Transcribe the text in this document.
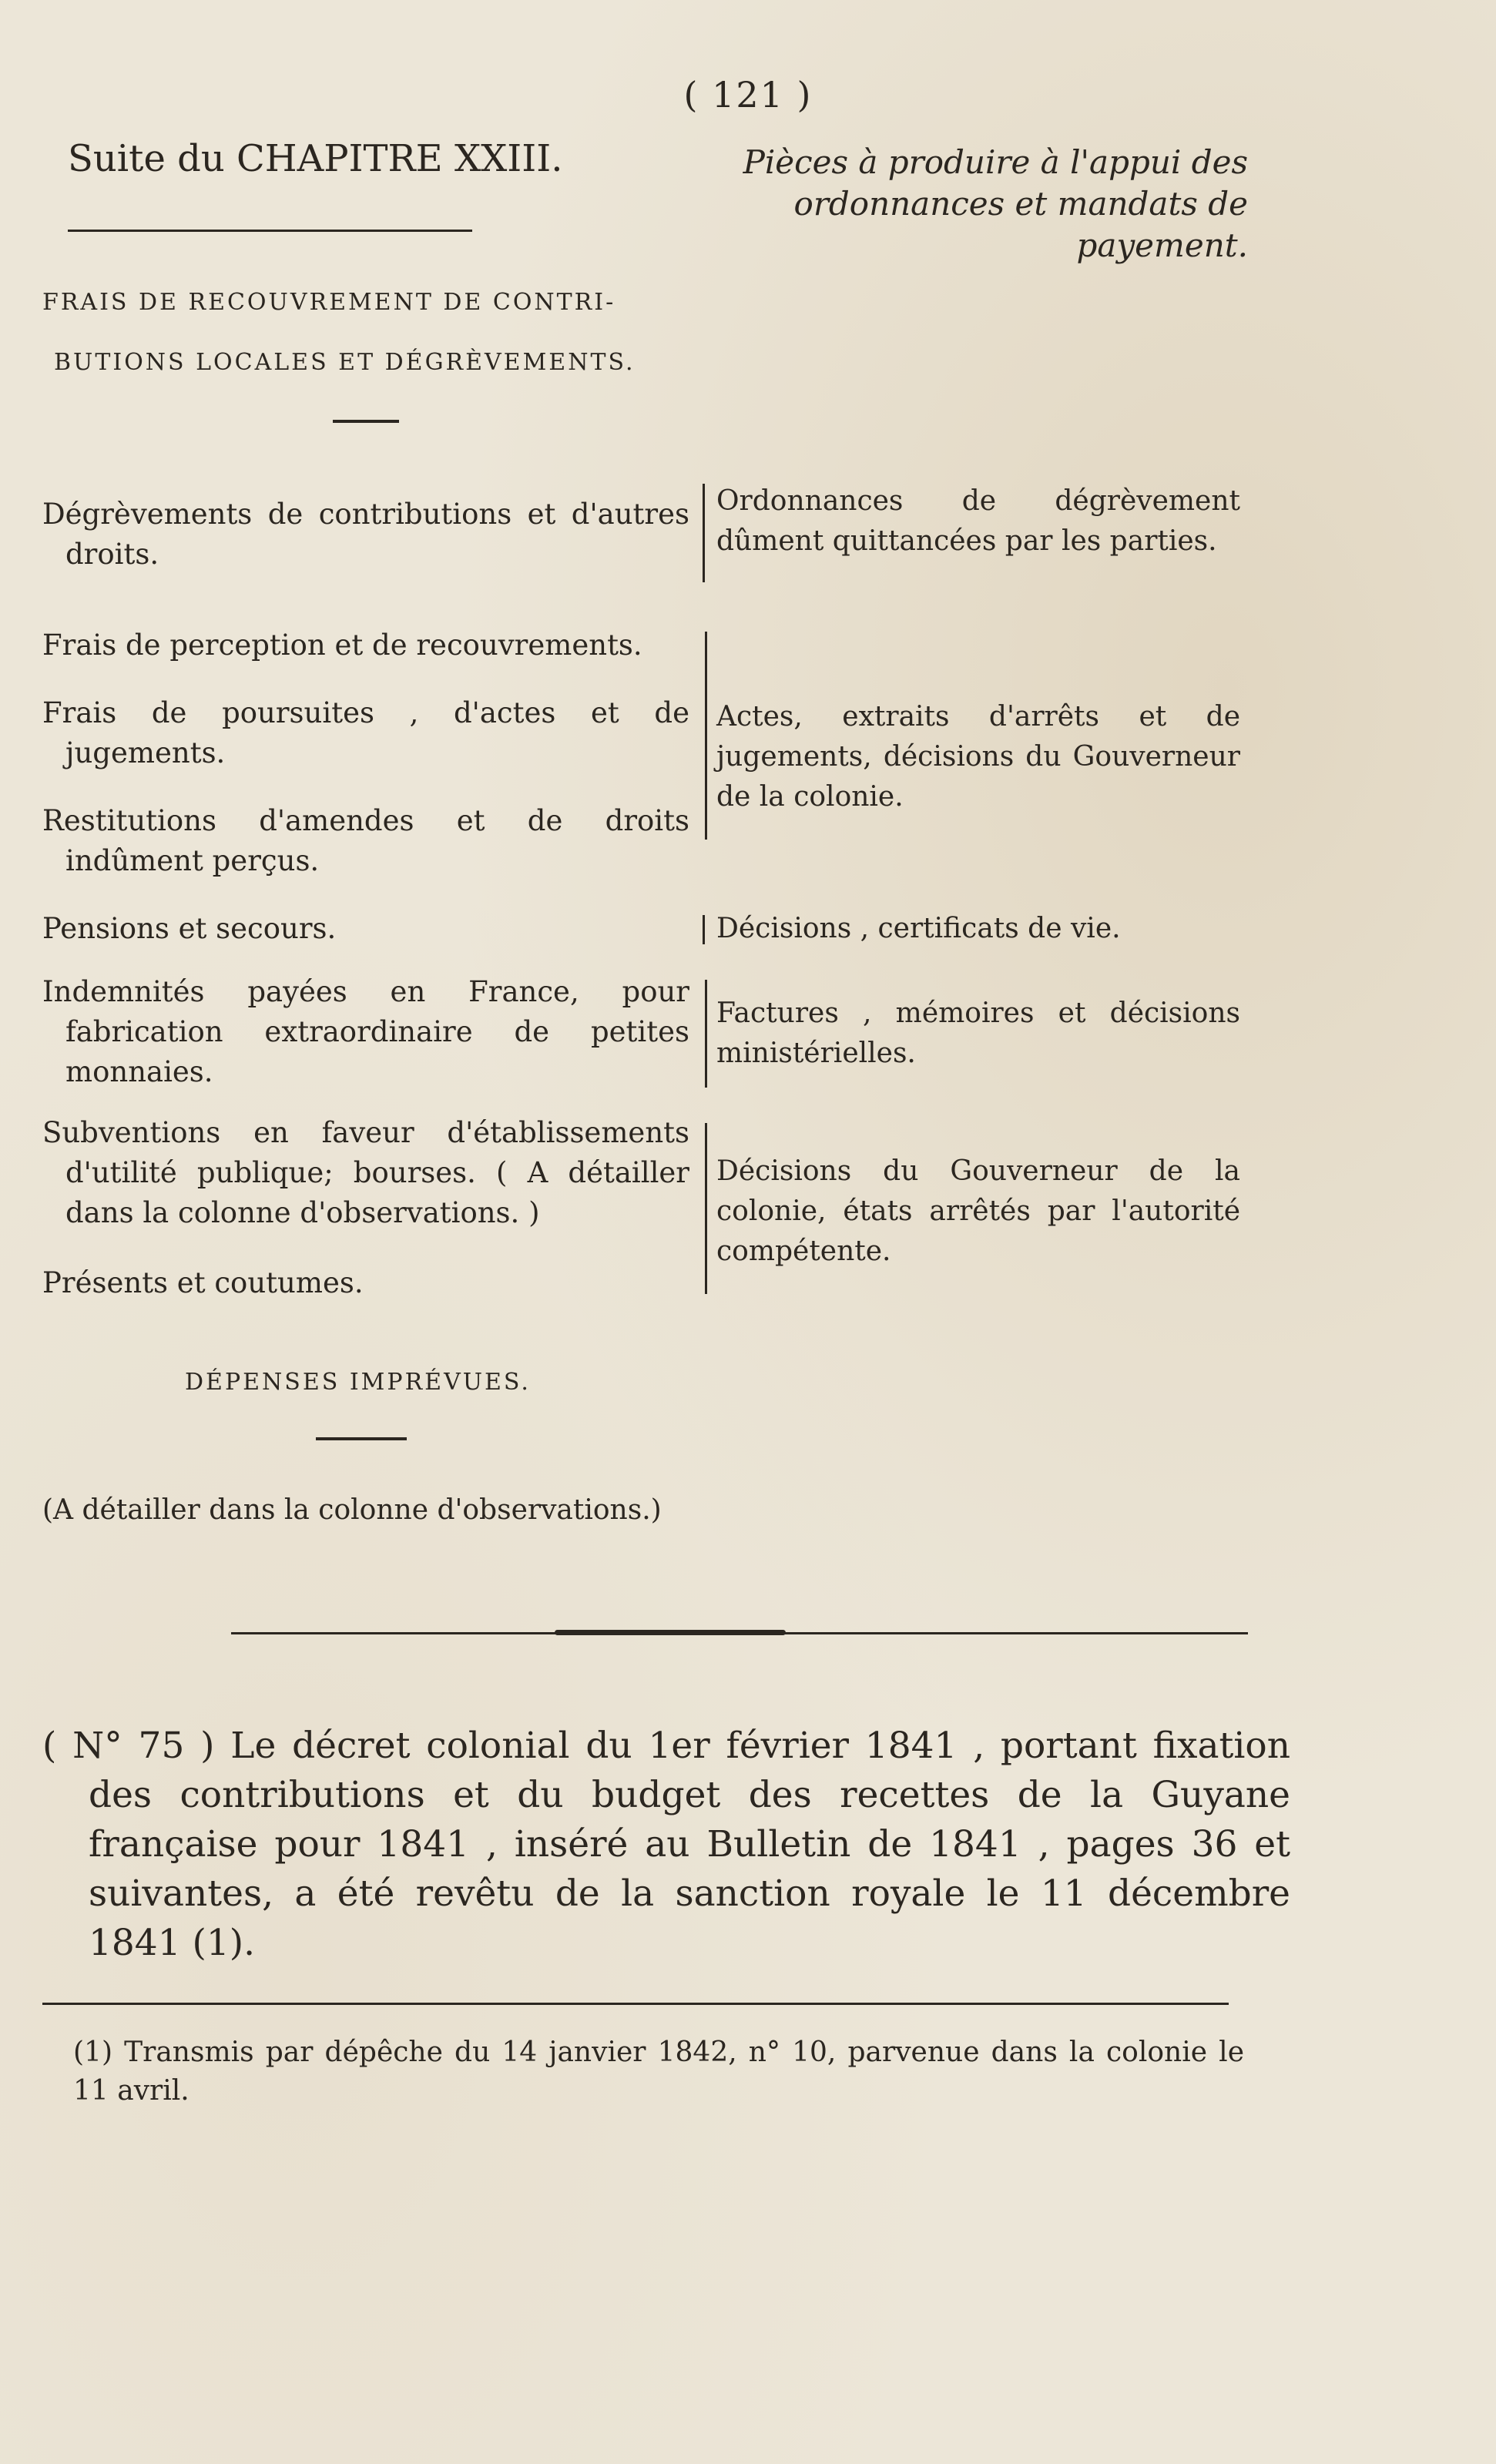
( 121 )
Suite du CHAPITRE XXIII.	Pièces à produire à l'appui des ordonnances et mandats de payement.
FRAIS DE RECOUVREMENT DE CONTRI-
BUTIONS LOCALES ET DÉGRÈVEMENTS.
Dégrèvements de contributions et d'autres droits.
Ordonnances de dégrèvement dûment quittancées par les parties.
Frais de perception et de recouvrements.
Frais de poursuites , d'actes et de jugements.
Restitutions d'amendes et de droits indûment perçus.
Actes, extraits d'arrêts et de jugements, décisions du Gouverneur de la colonie.
Pensions et secours.	Décisions , certificats de vie.
Indemnités payées en France, pour fabrication extraordinaire de petites monnaies.
Factures , mémoires et décisions ministérielles.
Subventions en faveur d'établissements d'utilité publique; bourses. ( A détailler dans la colonne d'observations. )
Présents et coutumes.
Décisions du Gouverneur de la colonie, états arrêtés par l'autorité compétente.
DÉPENSES IMPRÉVUES.
(A détailler dans la colonne d'observations.)
( N° 75 ) Le décret colonial du 1er février 1841 , portant fixation des contributions et du budget des recettes de la Guyane française pour 1841 , inséré au Bulletin de 1841 , pages 36 et suivantes, a été revêtu de la sanction royale le 11 décembre 1841 (1).
(1) Transmis par dépêche du 14 janvier 1842, n° 10, parvenue dans la colonie le 11 avril.
